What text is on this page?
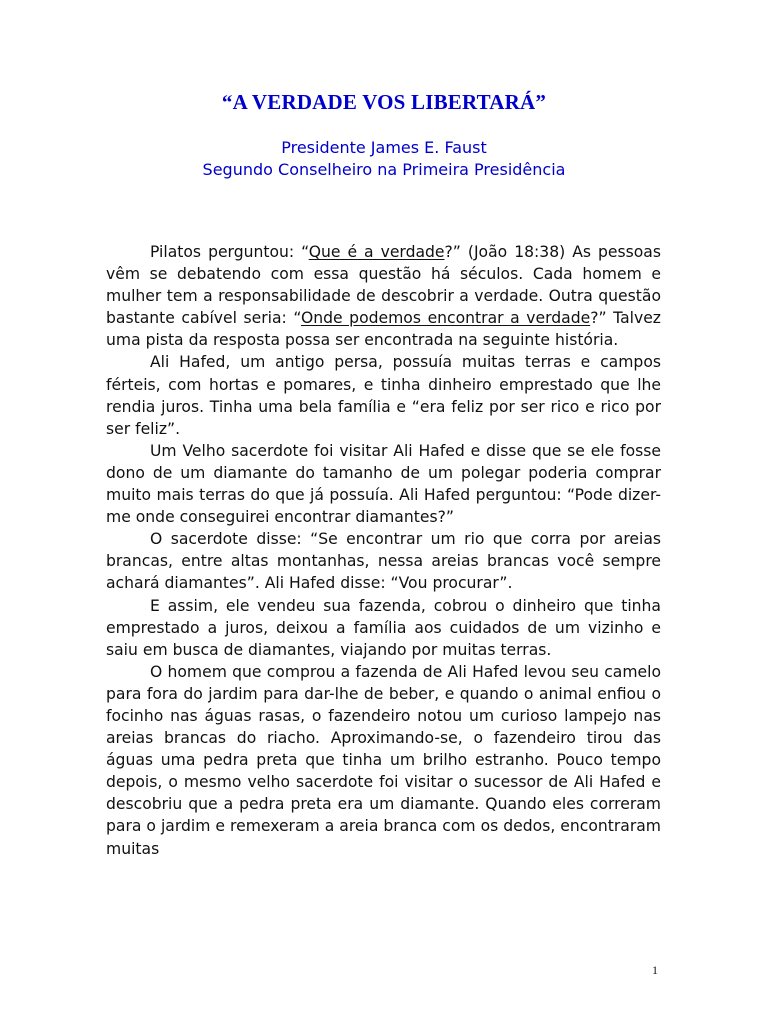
“A VERDADE VOS LIBERTARÁ”
Presidente James E. Faust
Segundo Conselheiro na Primeira Presidência

Pilatos perguntou: “Que é a verdade?” (João 18:38) As pessoas vêm se debatendo com essa questão há séculos. Cada homem e mulher tem a responsabilidade de descobrir a verdade. Outra questão bastante cabível seria: “Onde podemos encontrar a verdade?” Talvez uma pista da resposta possa ser encontrada na seguinte história.

Ali Hafed, um antigo persa, possuía muitas terras e campos férteis, com hortas e pomares, e tinha dinheiro emprestado que lhe rendia juros. Tinha uma bela família e “era feliz por ser rico e rico por ser feliz”.

Um Velho sacerdote foi visitar Ali Hafed e disse que se ele fosse dono de um diamante do tamanho de um polegar poderia comprar muito mais terras do que já possuía. Ali Hafed perguntou: “Pode dizer-me onde conseguirei encontrar diamantes?”

O sacerdote disse: “Se encontrar um rio que corra por areias brancas, entre altas montanhas, nessa areias brancas você sempre achará diamantes”. Ali Hafed disse: “Vou procurar”.

E assim, ele vendeu sua fazenda, cobrou o dinheiro que tinha emprestado a juros, deixou a família aos cuidados de um vizinho e saiu em busca de diamantes, viajando por muitas terras.

O homem que comprou a fazenda de Ali Hafed levou seu camelo para fora do jardim para dar-lhe de beber, e quando o animal enfiou o focinho nas águas rasas, o fazendeiro notou um curioso lampejo nas areias brancas do riacho. Aproximando-se, o fazendeiro tirou das águas uma pedra preta que tinha um brilho estranho. Pouco tempo depois, o mesmo velho sacerdote foi visitar o sucessor de Ali Hafed e descobriu que a pedra preta era um diamante. Quando eles correram para o jardim e remexeram a areia branca com os dedos, encontraram muitas

1
